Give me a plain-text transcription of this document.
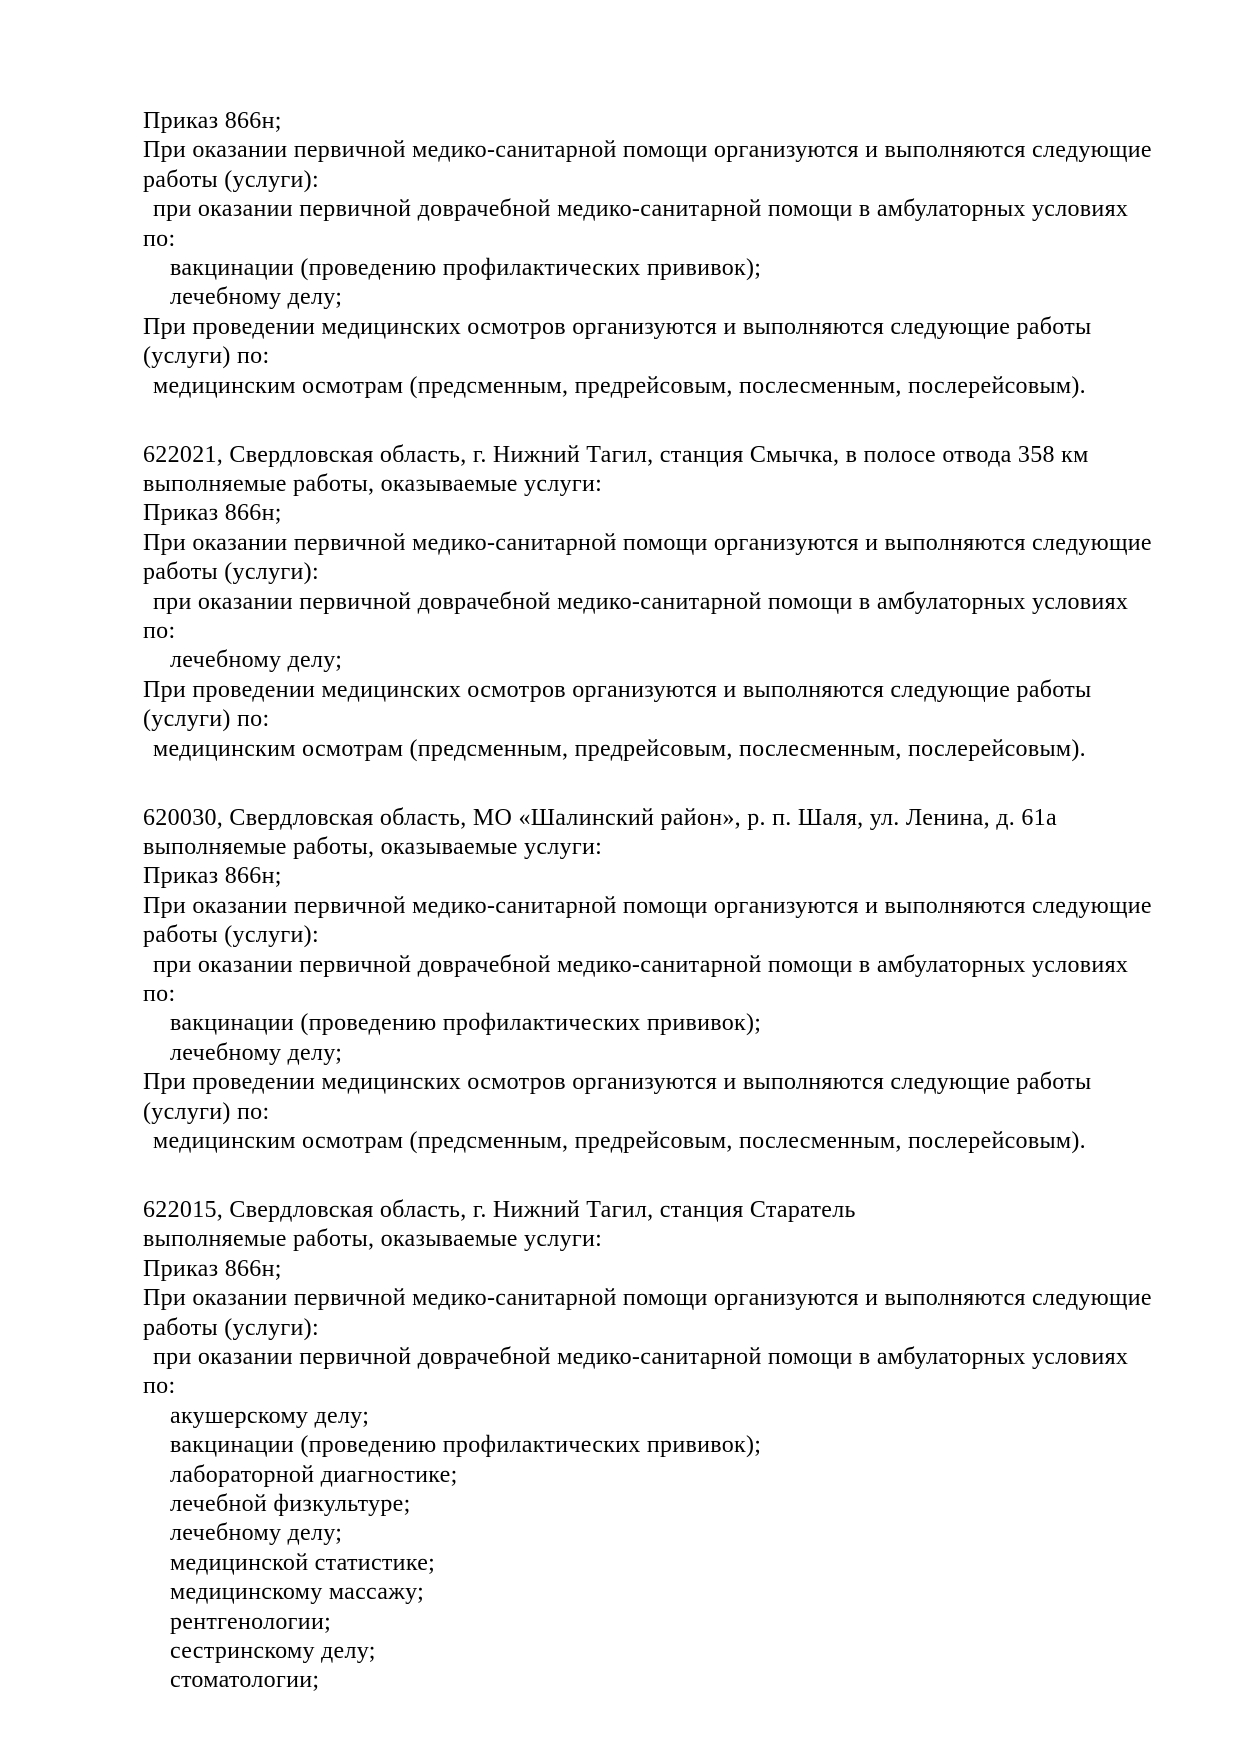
Приказ 866н;
При оказании первичной медико-санитарной помощи организуются и выполняются следующие
работы (услуги):
при оказании первичной доврачебной медико-санитарной помощи в амбулаторных условиях
по:
вакцинации (проведению профилактических прививок);
лечебному делу;
При проведении медицинских осмотров организуются и выполняются следующие работы
(услуги) по:
медицинским осмотрам (предсменным, предрейсовым, послесменным, послерейсовым).
622021, Свердловская область, г. Нижний Тагил, станция Смычка, в полосе отвода 358 км
выполняемые работы, оказываемые услуги:
Приказ 866н;
При оказании первичной медико-санитарной помощи организуются и выполняются следующие
работы (услуги):
при оказании первичной доврачебной медико-санитарной помощи в амбулаторных условиях
по:
лечебному делу;
При проведении медицинских осмотров организуются и выполняются следующие работы
(услуги) по:
медицинским осмотрам (предсменным, предрейсовым, послесменным, послерейсовым).
620030, Свердловская область, МО «Шалинский район», р. п. Шаля, ул. Ленина, д. 61а
выполняемые работы, оказываемые услуги:
Приказ 866н;
При оказании первичной медико-санитарной помощи организуются и выполняются следующие
работы (услуги):
при оказании первичной доврачебной медико-санитарной помощи в амбулаторных условиях
по:
вакцинации (проведению профилактических прививок);
лечебному делу;
При проведении медицинских осмотров организуются и выполняются следующие работы
(услуги) по:
медицинским осмотрам (предсменным, предрейсовым, послесменным, послерейсовым).
622015, Свердловская область, г. Нижний Тагил, станция Старатель
выполняемые работы, оказываемые услуги:
Приказ 866н;
При оказании первичной медико-санитарной помощи организуются и выполняются следующие
работы (услуги):
при оказании первичной доврачебной медико-санитарной помощи в амбулаторных условиях
по:
акушерскому делу;
вакцинации (проведению профилактических прививок);
лабораторной диагностике;
лечебной физкультуре;
лечебному делу;
медицинской статистике;
медицинскому массажу;
рентгенологии;
сестринскому делу;
стоматологии;
